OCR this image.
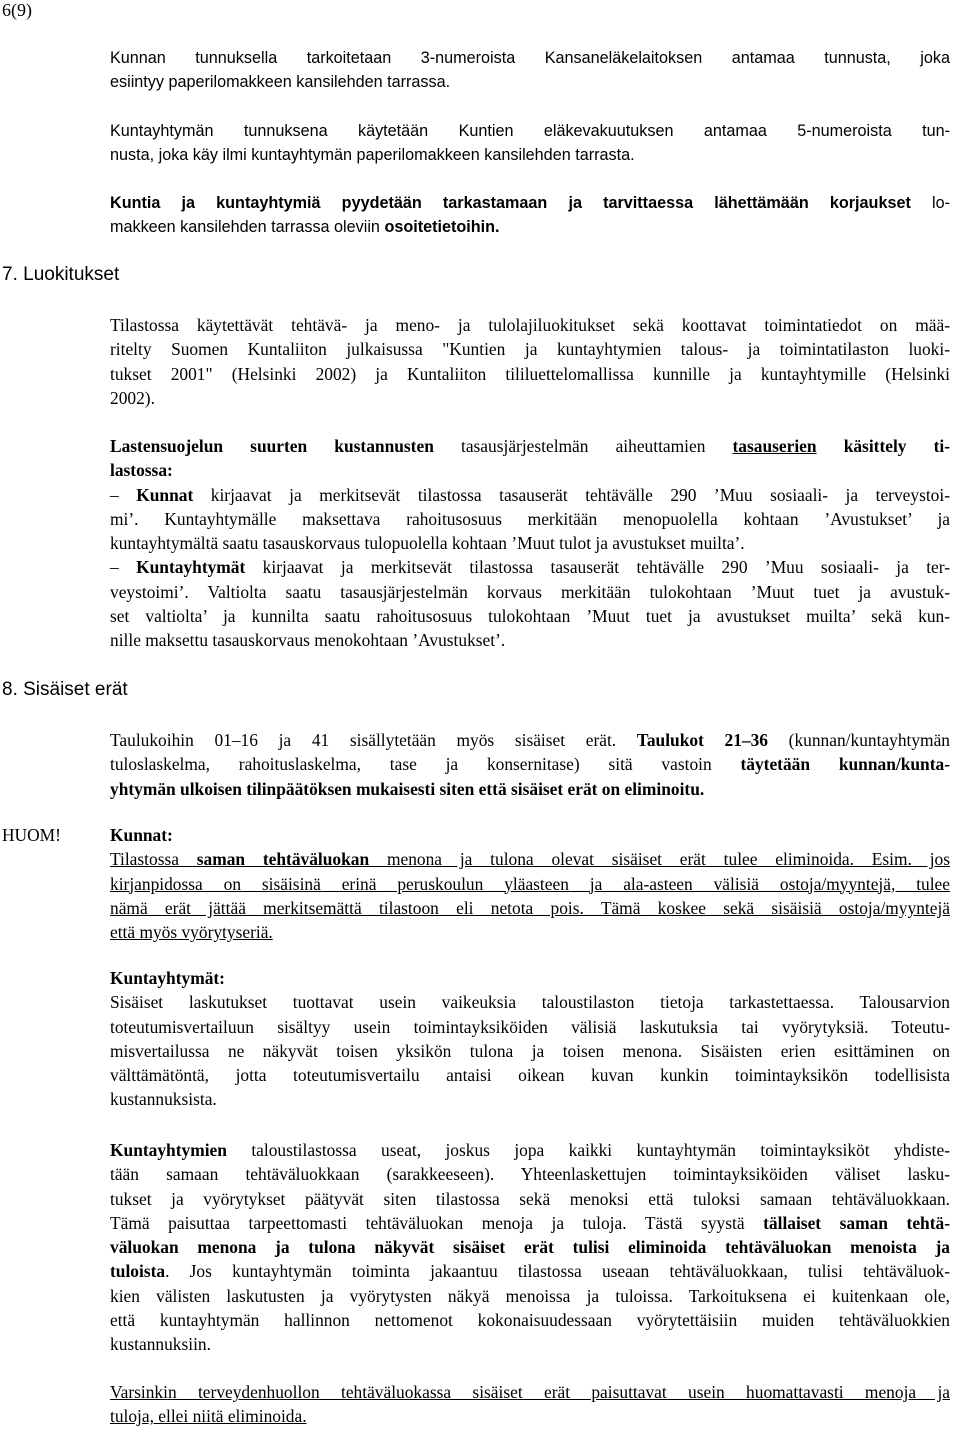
6(9)
7. Luokitukset
8. Sisäiset erät
HUOM!
Kunnan tunnuksella tarkoitetaan 3-numeroista Kansaneläkelaitoksen antamaa tunnusta, joka
esiintyy paperilomakkeen kansilehden tarrassa.
Kuntayhtymän tunnuksena käytetään Kuntien eläkevakuutuksen antamaa 5-numeroista tun-
nusta, joka käy ilmi kuntayhtymän paperilomakkeen kansilehden tarrasta.
Kuntia ja kuntayhtymiä pyydetään tarkastamaan ja tarvittaessa lähettämään korjaukset lo-
makkeen kansilehden tarrassa oleviin osoitetietoihin.
Tilastossa käytettävät tehtävä- ja meno- ja tulolajiluokitukset sekä koottavat toimintatiedot on mää-
ritelty Suomen Kuntaliiton julkaisussa "Kuntien ja kuntayhtymien talous- ja toimintatilaston luoki-
tukset 2001" (Helsinki 2002) ja Kuntaliiton tililuettelomallissa kunnille ja kuntayhtymille (Helsinki
2002).
Lastensuojelun suurten kustannusten tasausjärjestelmän aiheuttamien tasauserien käsittely ti-
lastossa:
– Kunnat kirjaavat ja merkitsevät tilastossa tasauserät tehtävälle 290 ’Muu sosiaali- ja terveystoi-
mi’. Kuntayhtymälle maksettava rahoitusosuus merkitään menopuolella kohtaan ’Avustukset’ ja
kuntayhtymältä saatu tasauskorvaus tulopuolella kohtaan ’Muut tulot ja avustukset muilta’.
– Kuntayhtymät kirjaavat ja merkitsevät tilastossa tasauserät tehtävälle 290 ’Muu sosiaali- ja ter-
veystoimi’. Valtiolta saatu tasausjärjestelmän korvaus merkitään tulokohtaan ’Muut tuet ja avustuk-
set valtiolta’ ja kunnilta saatu rahoitusosuus tulokohtaan ’Muut tuet ja avustukset muilta’ sekä kun-
nille maksettu tasauskorvaus menokohtaan ’Avustukset’.
Taulukoihin 01–16 ja 41 sisällytetään myös sisäiset erät. Taulukot 21–36 (kunnan/kuntayhtymän
tuloslaskelma, rahoituslaskelma, tase ja konsernitase) sitä vastoin täytetään kunnan/kunta-
yhtymän ulkoisen tilinpäätöksen mukaisesti siten että sisäiset erät on eliminoitu.
Kunnat:
Tilastossa saman tehtäväluokan menona ja tulona olevat sisäiset erät tulee eliminoida. Esim. jos
kirjanpidossa on sisäisinä erinä peruskoulun yläasteen ja ala-asteen välisiä ostoja/myyntejä, tulee
nämä erät jättää merkitsemättä tilastoon eli netota pois. Tämä koskee sekä sisäisiä ostoja/myyntejä
että myös vyörytyseriä.
Kuntayhtymät:
Sisäiset laskutukset tuottavat usein vaikeuksia taloustilaston tietoja tarkastettaessa. Talousarvion
toteutumisvertailuun sisältyy usein toimintayksiköiden välisiä laskutuksia tai vyörytyksiä. Toteutu-
misvertailussa ne näkyvät toisen yksikön tulona ja toisen menona. Sisäisten erien esittäminen on
välttämätöntä, jotta toteutumisvertailu antaisi oikean kuvan kunkin toimintayksikön todellisista
kustannuksista.
Kuntayhtymien taloustilastossa useat, joskus jopa kaikki kuntayhtymän toimintayksiköt yhdiste-
tään samaan tehtäväluokkaan (sarakkeeseen). Yhteenlaskettujen toimintayksiköiden väliset lasku-
tukset ja vyörytykset päätyvät siten tilastossa sekä menoksi että tuloksi samaan tehtäväluokkaan.
Tämä paisuttaa tarpeettomasti tehtäväluokan menoja ja tuloja. Tästä syystä tällaiset saman tehtä-
väluokan menona ja tulona näkyvät sisäiset erät tulisi eliminoida tehtäväluokan menoista ja
tuloista. Jos kuntayhtymän toiminta jakaantuu tilastossa useaan tehtäväluokkaan, tulisi tehtäväluok-
kien välisten laskutusten ja vyörytysten näkyä menoissa ja tuloissa. Tarkoituksena ei kuitenkaan ole,
että kuntayhtymän hallinnon nettomenot kokonaisuudessaan vyörytettäisiin muiden tehtäväluokkien
kustannuksiin.
Varsinkin terveydenhuollon tehtäväluokassa sisäiset erät paisuttavat usein huomattavasti menoja ja
tuloja, ellei niitä eliminoida.
